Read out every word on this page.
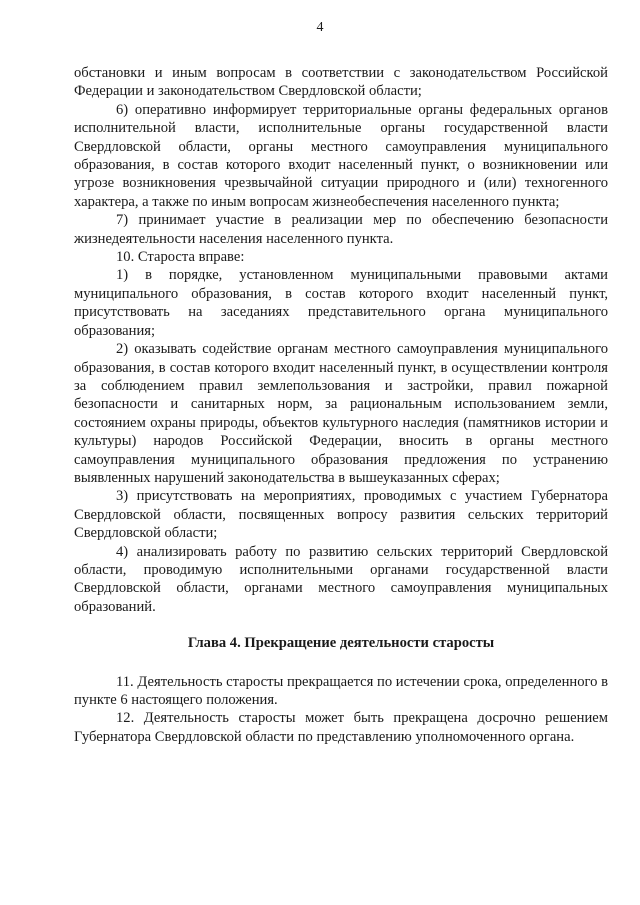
4

обстановки и иным вопросам в соответствии с законодательством Российской Федерации и законодательством Свердловской области;

6) оперативно информирует территориальные органы федеральных органов исполнительной власти, исполнительные органы государственной власти Свердловской области, органы местного самоуправления муниципального образования, в состав которого входит населенный пункт, о возникновении или угрозе возникновения чрезвычайной ситуации природного и (или) техногенного характера, а также по иным вопросам жизнеобеспечения населенного пункта;

7) принимает участие в реализации мер по обеспечению безопасности жизнедеятельности населения населенного пункта.

10. Староста вправе:

1) в порядке, установленном муниципальными правовыми актами муниципального образования, в состав которого входит населенный пункт, присутствовать на заседаниях представительного органа муниципального образования;

2) оказывать содействие органам местного самоуправления муниципального образования, в состав которого входит населенный пункт, в осуществлении контроля за соблюдением правил землепользования и застройки, правил пожарной безопасности и санитарных норм, за рациональным использованием земли, состоянием охраны природы, объектов культурного наследия (памятников истории и культуры) народов Российской Федерации, вносить в органы местного самоуправления муниципального образования предложения по устранению выявленных нарушений законодательства в вышеуказанных сферах;

3) присутствовать на мероприятиях, проводимых с участием Губернатора Свердловской области, посвященных вопросу развития сельских территорий Свердловской области;

4) анализировать работу по развитию сельских территорий Свердловской области, проводимую исполнительными органами государственной власти Свердловской области, органами местного самоуправления муниципальных образований.

Глава 4. Прекращение деятельности старосты

11. Деятельность старосты прекращается по истечении срока, определенного в пункте 6 настоящего положения.

12. Деятельность старосты может быть прекращена досрочно решением Губернатора Свердловской области по представлению уполномоченного органа.
